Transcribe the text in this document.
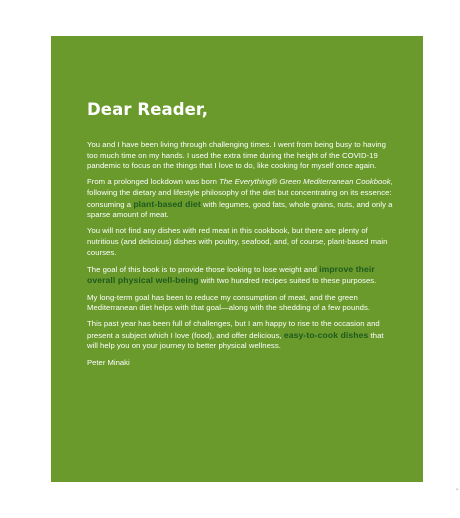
Dear Reader,

You and I have been living through challenging times. I went from being busy to having too much time on my hands. I used the extra time during the height of the COVID-19 pandemic to focus on the things that I love to do, like cooking for myself once again.

From a prolonged lockdown was born The Everything® Green Mediterranean Cookbook, following the dietary and lifestyle philosophy of the diet but concentrating on its essence: consuming a plant-based diet with legumes, good fats, whole grains, nuts, and only a sparse amount of meat.

You will not find any dishes with red meat in this cookbook, but there are plenty of nutritious (and delicious) dishes with poultry, seafood, and, of course, plant-based main courses.

The goal of this book is to provide those looking to lose weight and improve their overall physical well-being with two hundred recipes suited to these purposes.

My long-term goal has been to reduce my consumption of meat, and the green Mediterranean diet helps with that goal—along with the shedding of a few pounds.

This past year has been full of challenges, but I am happy to rise to the occasion and present a subject which I love (food), and offer delicious, easy-to-cook dishes that will help you on your journey to better physical wellness.

Peter Minaki

✦
